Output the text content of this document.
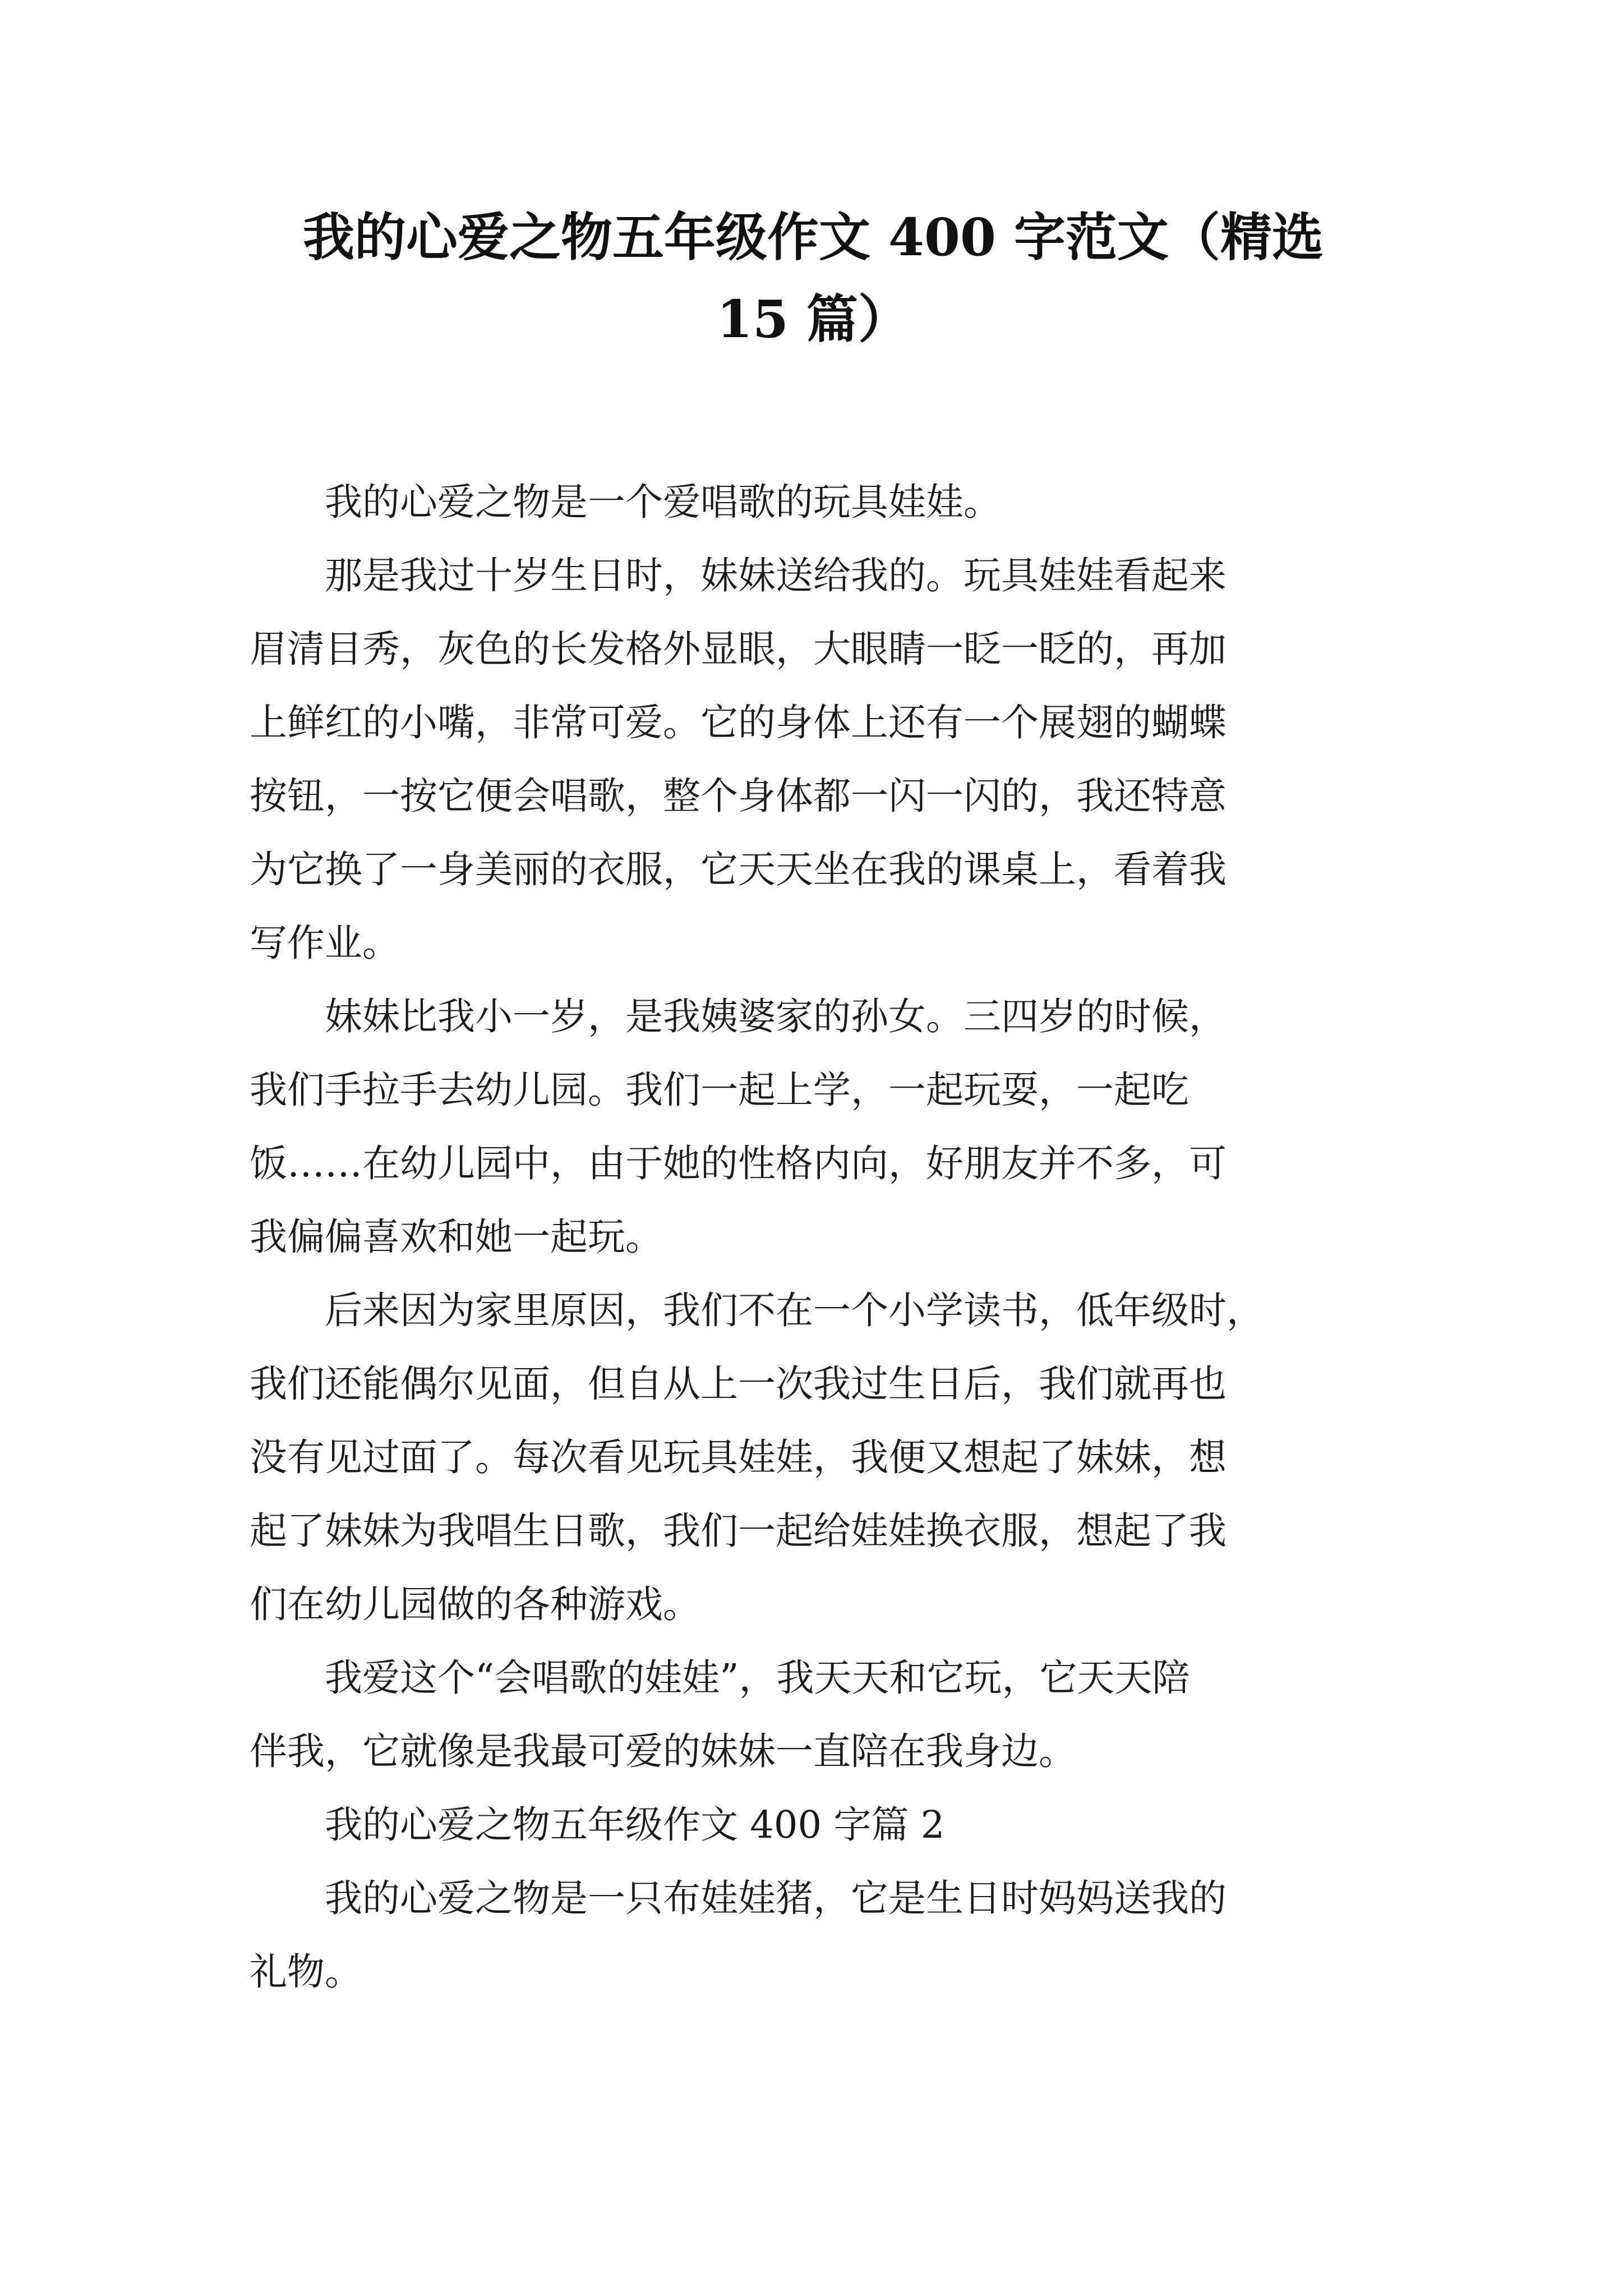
我的心爱之物五年级作文 400 字范文（精选
15 篇）

我的心爱之物是一个爱唱歌的玩具娃娃。

那是我过十岁生日时，妹妹送给我的。玩具娃娃看起来
眉清目秀，灰色的长发格外显眼，大眼睛一眨一眨的，再加
上鲜红的小嘴，非常可爱。它的身体上还有一个展翅的蝴蝶
按钮，一按它便会唱歌，整个身体都一闪一闪的，我还特意
为它换了一身美丽的衣服，它天天坐在我的课桌上，看着我
写作业。

妹妹比我小一岁，是我姨婆家的孙女。三四岁的时候，
我们手拉手去幼儿园。我们一起上学，一起玩耍，一起吃
饭……在幼儿园中，由于她的性格内向，好朋友并不多，可
我偏偏喜欢和她一起玩。

后来因为家里原因，我们不在一个小学读书，低年级时，
我们还能偶尔见面，但自从上一次我过生日后，我们就再也
没有见过面了。每次看见玩具娃娃，我便又想起了妹妹，想
起了妹妹为我唱生日歌，我们一起给娃娃换衣服，想起了我
们在幼儿园做的各种游戏。

我爱这个“会唱歌的娃娃”，我天天和它玩，它天天陪
伴我，它就像是我最可爱的妹妹一直陪在我身边。

我的心爱之物五年级作文 400 字篇 2

我的心爱之物是一只布娃娃猪，它是生日时妈妈送我的
礼物。
